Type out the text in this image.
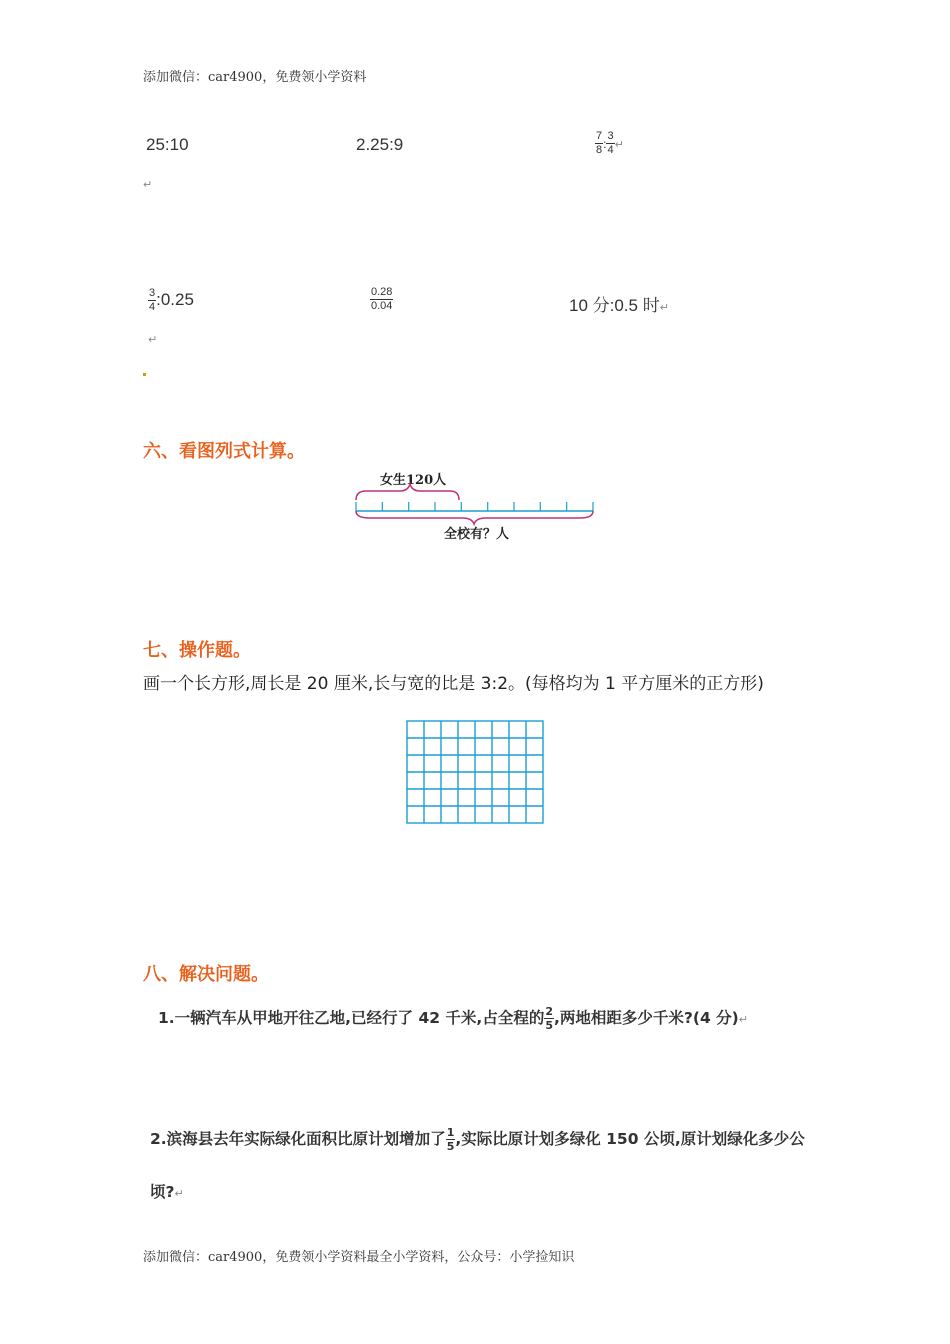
添加微信：car4900，免费领小学资料
25:10	2.25:9	$\frac{7}{8}$ : $\frac{3}{4}$ ↵
↵
$\frac{3}{4}$ :0.25	$\frac{0.28}{0.04}$	10 分:0.5 时↵
↵
六、看图列式计算。
女生120人
全校有？人
七、操作题。
画一个长方形,周长是 20 厘米,长与宽的比是 3:2。(每格均为 1 平方厘米的正方形)
八、解决问题。
1.一辆汽车从甲地开往乙地,已经行了 42 千米,占全程的 $\frac{2}{5}$ ,两地相距多少千米?(4 分)↵
2.滨海县去年实际绿化面积比原计划增加了 $\frac{1}{5}$ ,实际比原计划多绿化 150 公顷,原计划绿化多少公
顷?↵
添加微信：car4900，免费领小学资料最全小学资料，公众号：小学捡知识
